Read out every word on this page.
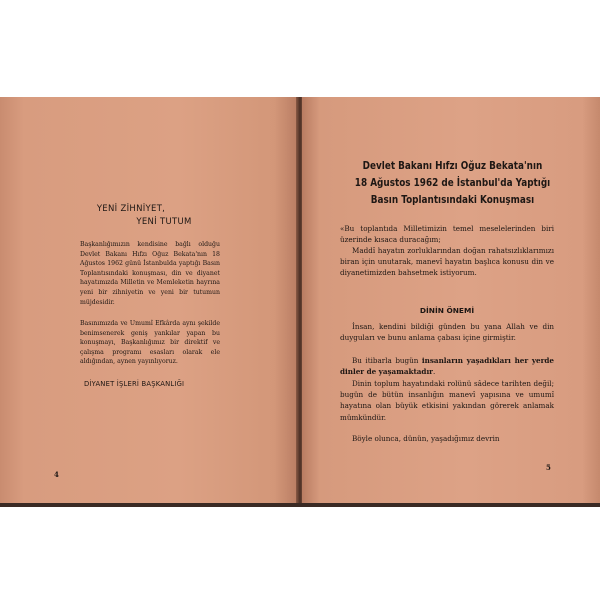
YENİ ZİHNİYET,
YENİ TUTUM
Başkanlığımızın kendisine bağlı olduğu Devlet Bakanı Hıfzı Oğuz Bekata'nın 18 Ağustos 1962 günü İstanbulda yaptığı Basın Toplantısındaki konuşması, din ve diyanet hayatımızda Milletin ve Memleketin hayrına yeni bir zihniyetin ve yeni bir tutumun müjdesidir.
Basınımızda ve Umumî Efkârda aynı şekilde benimsenerek geniş yankılar yapan bu konuşmayı, Başkanlığımız bir direktif ve çalışma programı esasları olarak ele aldığından, aynen yayınlıyoruz.
DİYANET İŞLERİ BAŞKANLIĞI
4
Devlet Bakanı Hıfzı Oğuz Bekata'nın
18 Ağustos 1962 de İstanbul'da Yaptığı
Basın Toplantısındaki Konuşması
«Bu toplantıda Milletimizin temel meselelerinden biri üzerinde kısaca duracağım;
Maddî hayatın zorluklarından doğan rahatsızlıklarımızı biran için unutarak, manevî hayatın başlıca konusu din ve diyanetimizden bahsetmek istiyorum.
DİNİN ÖNEMİ
İnsan, kendini bildiği günden bu yana Allah ve din duyguları ve bunu anlama çabası içine girmiştir.
Bu itibarla bugün insanların yaşadıkları her yerde dinler de yaşamaktadır.
Dinin toplum hayatındaki rolünü sâdece tarihten değil; bugün de bütün insanlığın manevî yapısına ve umumî hayatına olan büyük etkisini yakından görerek anlamak mümkündür.
Böyle olunca, dünün, yaşadığımız devrin
5
